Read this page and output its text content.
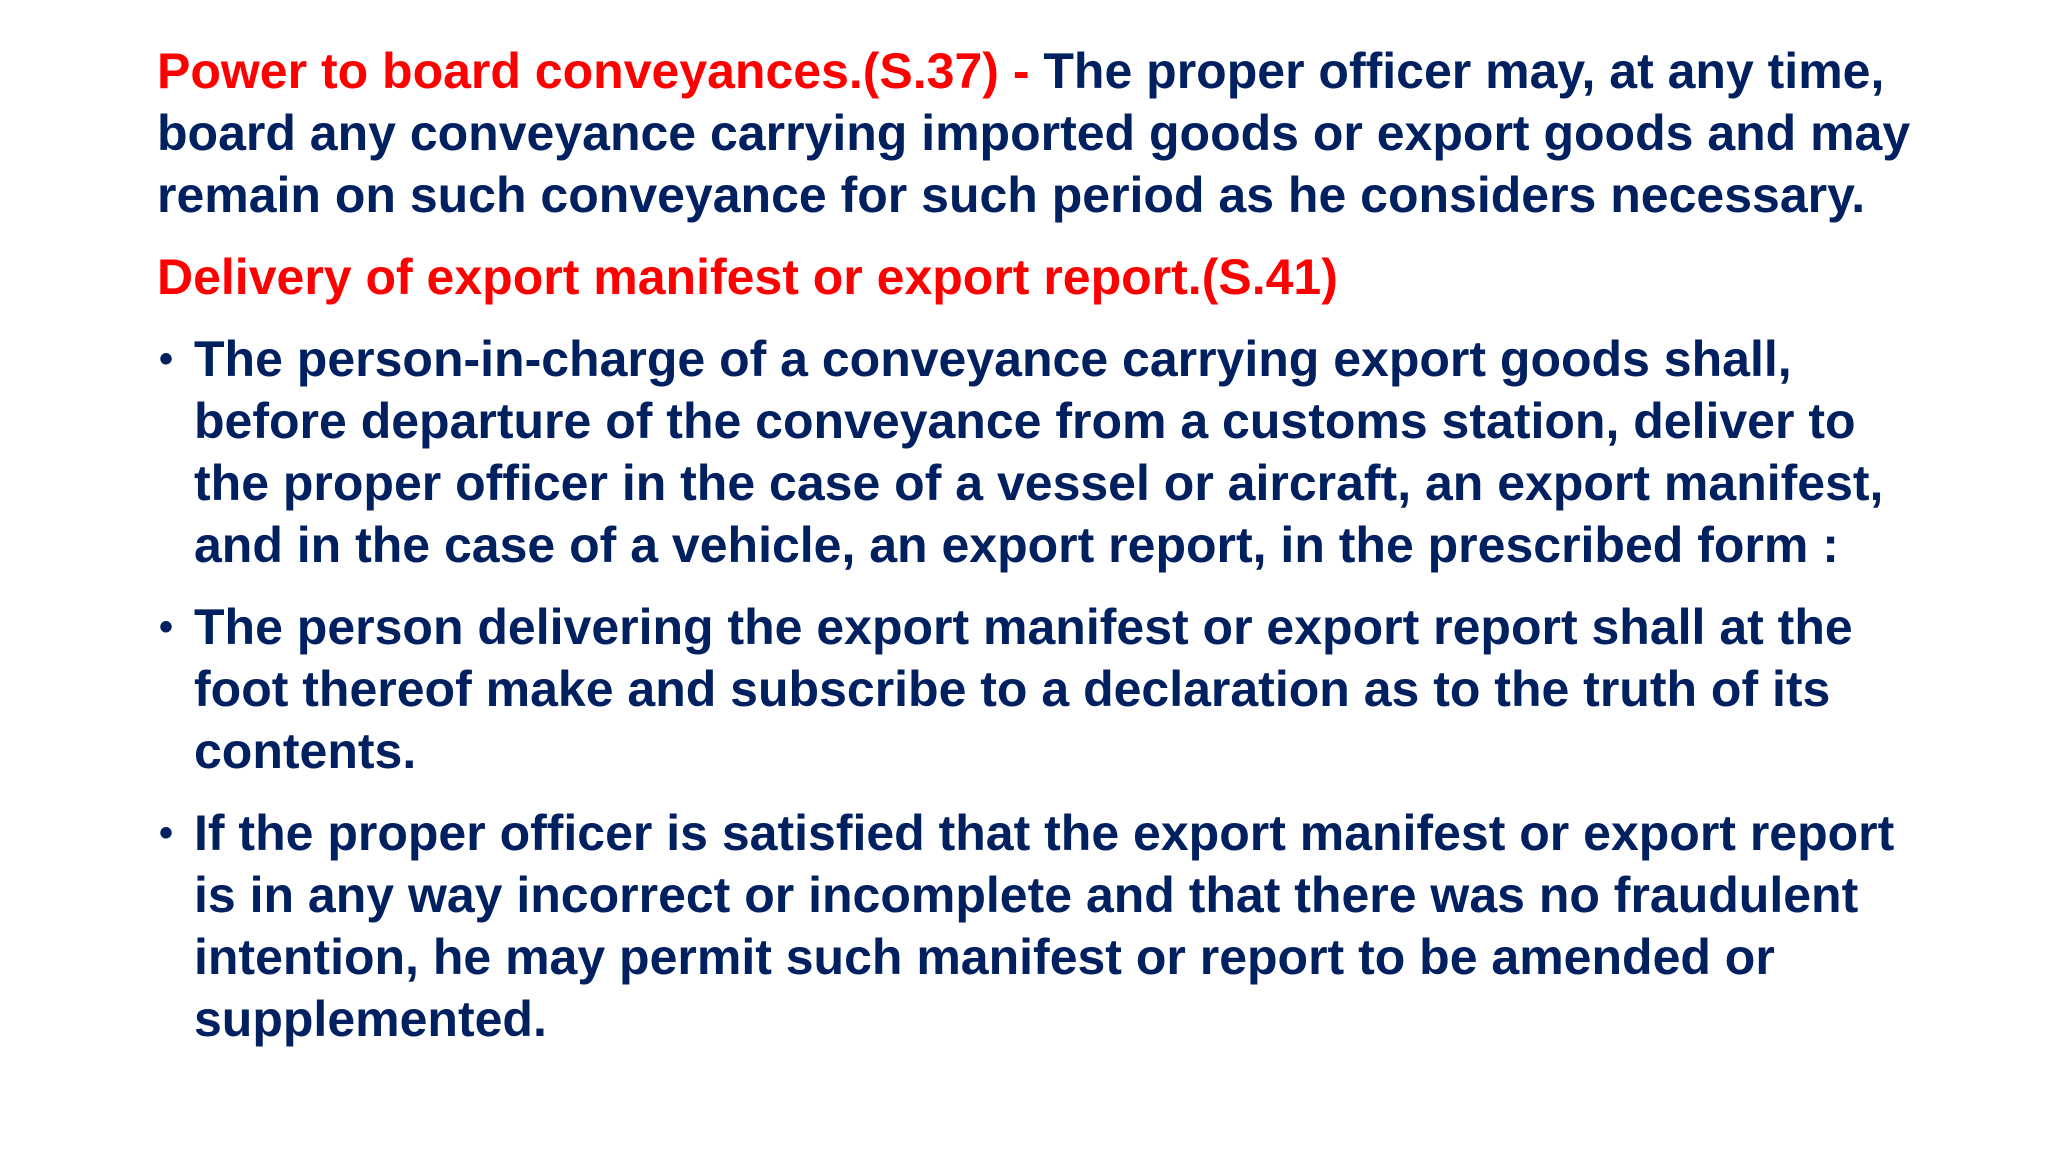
Power to board conveyances.(S.37) - The proper officer may, at any time, board any conveyance carrying imported goods or export goods and may remain on such conveyance for such period as he considers necessary.

Delivery of export manifest or export report.(S.41)

• The person-in-charge of a conveyance carrying export goods shall, before departure of the conveyance from a customs station, deliver to the proper officer in the case of a vessel or aircraft, an export manifest, and in the case of a vehicle, an export report, in the prescribed form :
• The person delivering the export manifest or export report shall at the foot thereof make and subscribe to a declaration as to the truth of its contents.
• If the proper officer is satisfied that the export manifest or export report is in any way incorrect or incomplete and that there was no fraudulent intention, he may permit such manifest or report to be amended or supplemented.
